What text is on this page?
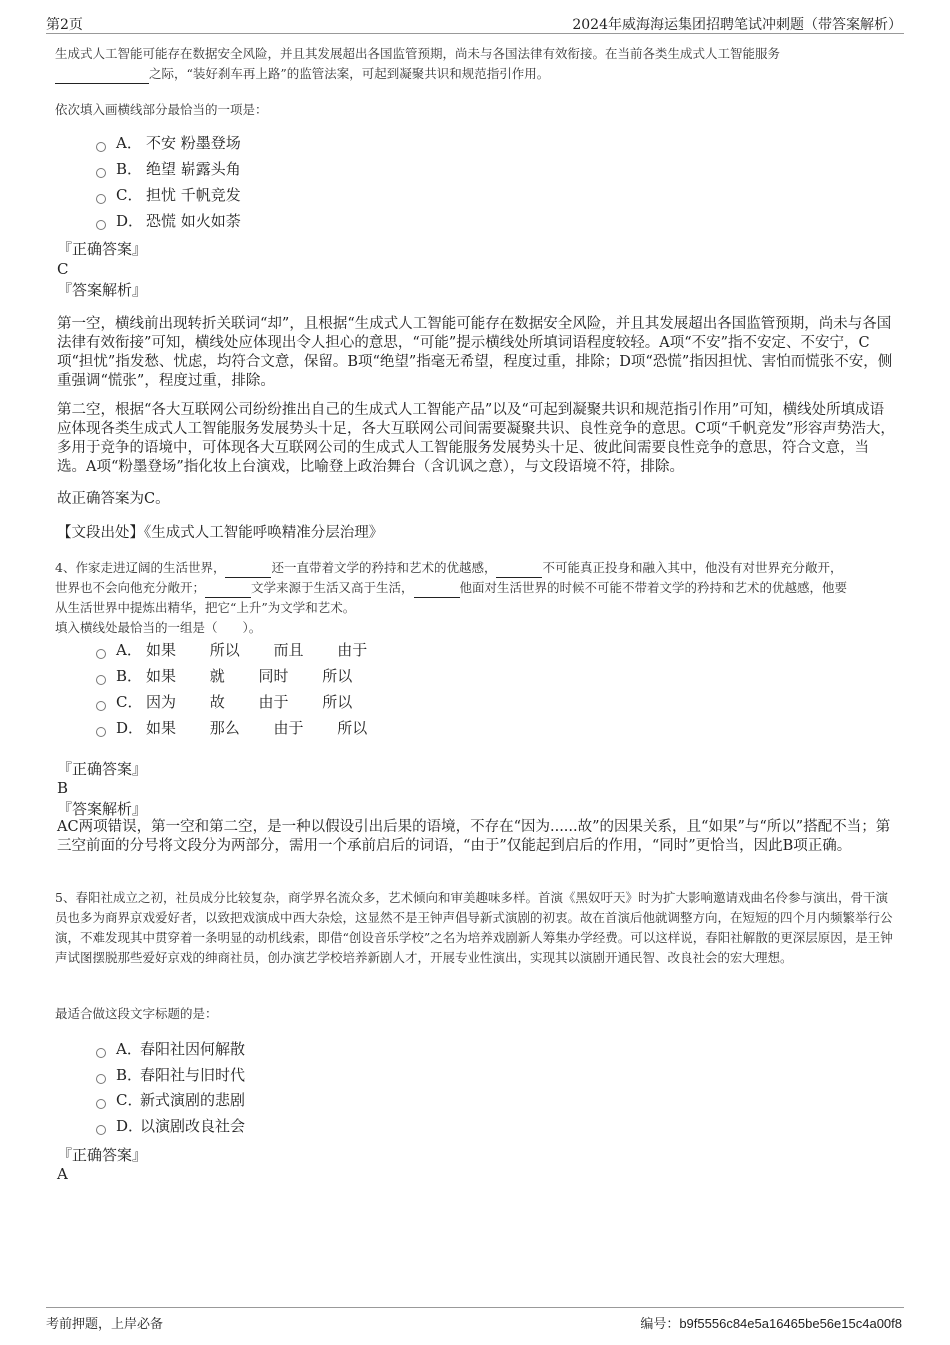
第2页	2024年威海海运集团招聘笔试冲刺题（带答案解析）
生成式人工智能可能存在数据安全风险，并且其发展超出各国监管预期，尚未与各国法律有效衔接。在当前各类生成式人工智能服务
之际，“装好刹车再上路”的监管法案，可起到凝聚共识和规范指引作用。
依次填入画横线部分最恰当的一项是：
A． 不安 粉墨登场
B． 绝望 崭露头角
C． 担忧 千帆竞发
D． 恐慌 如火如荼
『正确答案』
C
『答案解析』
第一空，横线前出现转折关联词“却”，且根据“生成式人工智能可能存在数据安全风险，并且其发展超出各国监管预期，尚未与各国法律有效衔接”可知，横线处应体现出令人担心的意思，“可能”提示横线处所填词语程度较轻。A项“不安”指不安定、不安宁，C项“担忧”指发愁、忧虑，均符合文意，保留。B项“绝望”指毫无希望，程度过重，排除；D项“恐慌”指因担忧、害怕而慌张不安，侧重强调“慌张”，程度过重，排除。
第二空，根据“各大互联网公司纷纷推出自己的生成式人工智能产品”以及“可起到凝聚共识和规范指引作用”可知，横线处所填成语应体现各类生成式人工智能服务发展势头十足，各大互联网公司间需要凝聚共识、良性竞争的意思。C项“千帆竞发”形容声势浩大，多用于竞争的语境中，可体现各大互联网公司的生成式人工智能服务发展势头十足、彼此间需要良性竞争的意思，符合文意，当选。A项“粉墨登场”指化妆上台演戏，比喻登上政治舞台（含讥讽之意），与文段语境不符，排除。
故正确答案为C。
【文段出处】《生成式人工智能呼唤精准分层治理》
4、作家走进辽阔的生活世界，	还一直带着文学的矜持和艺术的优越感，	不可能真正投身和融入其中，他没有对世界充分敞开，
世界也不会向他充分敞开；	文学来源于生活又高于生活，	他面对生活世界的时候不可能不带着文学的矜持和艺术的优越感，他要
从生活世界中提炼出精华，把它“上升”为文学和艺术。
填入横线处最恰当的一组是（　　）。
A． 如果　 所以　 而且　 由于
B． 如果　 就　 同时　 所以
C． 因为　 故　 由于　 所以
D． 如果　 那么　 由于　 所以
『正确答案』
B
『答案解析』
AC两项错误，第一空和第二空，是一种以假设引出后果的语境，不存在“因为......故”的因果关系，且“如果”与“所以”搭配不当；第三空前面的分号将文段分为两部分，需用一个承前启后的词语，“由于”仅能起到启后的作用，“同时”更恰当，因此B项正确。
5、春阳社成立之初，社员成分比较复杂，商学界名流众多，艺术倾向和审美趣味多样。首演《黑奴吁天》时为扩大影响邀请戏曲名伶参与演出，骨干演员也多为商界京戏爱好者，以致把戏演成中西大杂烩，这显然不是王钟声倡导新式演剧的初衷。故在首演后他就调整方向，在短短的四个月内频繁举行公演，不难发现其中贯穿着一条明显的动机线索，即借“创设音乐学校”之名为培养戏剧新人筹集办学经费。可以这样说，春阳社解散的更深层原因，是王钟声试图摆脱那些爱好京戏的绅商社员，创办演艺学校培养新剧人才，开展专业性演出，实现其以演剧开通民智、改良社会的宏大理想。
最适合做这段文字标题的是：
A．
春阳社因何解散
B．
春阳社与旧时代
C．
新式演剧的悲剧
D．
以演剧改良社会
『正确答案』
A
考前押题，上岸必备	编号：b9f5556c84e5a16465be56e15c4a00f8
